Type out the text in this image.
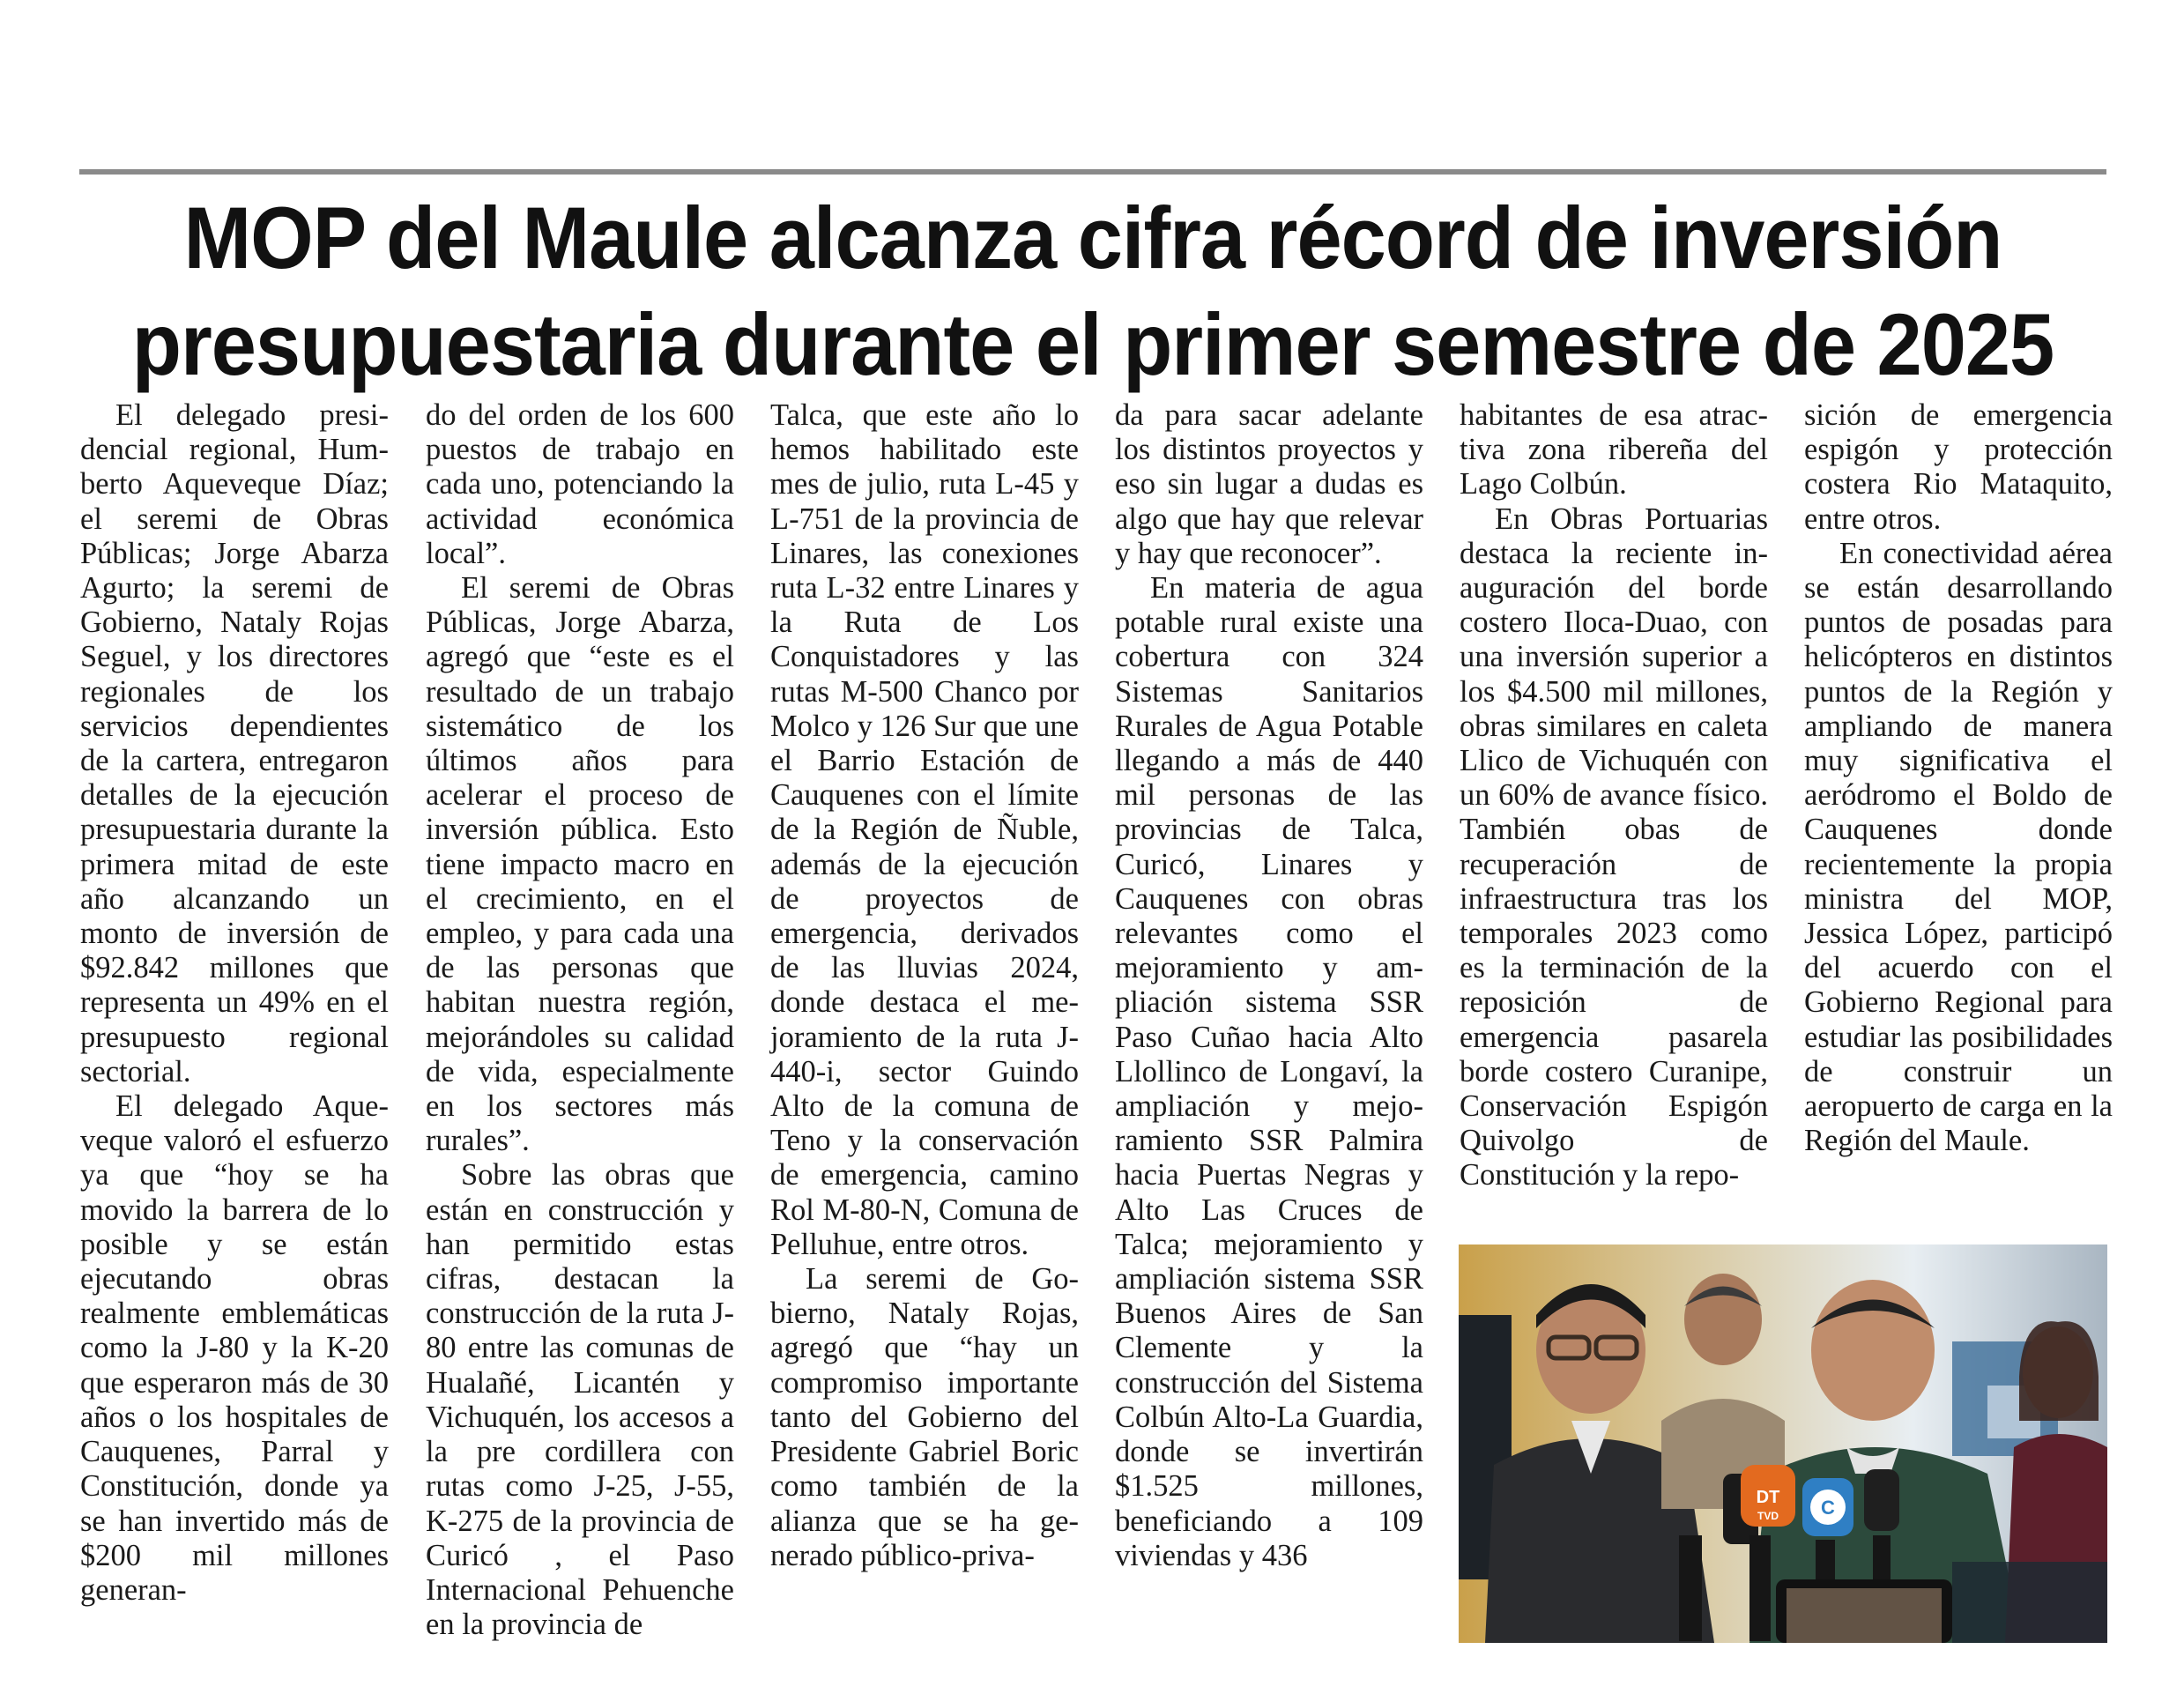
MOP del Maule alcanza cifra récord de inversión
presupuestaria durante el primer semestre de 2025

El delegado presidencial regional, Humberto Aqueveque Díaz; el seremi de Obras Públicas; Jorge Abarza Agurto; la seremi de Gobierno, Nataly Rojas Seguel, y los directores regionales de los servicios dependientes de la cartera, entregaron detalles de la ejecución presupuestaria durante la primera mitad de este año alcanzando un monto de inversión de $92.842 millones que representa un 49% en el presupuesto regional sectorial.

El delegado Aqueveque valoró el esfuerzo ya que “hoy se ha movido la barrera de lo posible y se están ejecutando obras realmente emblemáticas como la J-80 y la K-20 que esperaron más de 30 años o los hospitales de Cauquenes, Parral y Constitución, donde ya se han invertido más de $200 mil millones generan-

do del orden de los 600 puestos de trabajo en cada uno, potenciando la actividad económica local”.

El seremi de Obras Públicas, Jorge Abarza, agregó que “este es el resultado de un trabajo sistemático de los últimos años para acelerar el proceso de inversión pública. Esto tiene impacto macro en el crecimiento, en el empleo, y para cada una de las personas que habitan nuestra región, mejorándoles su calidad de vida, especialmente en los sectores más rurales”.

Sobre las obras que están en construcción y han permitido estas cifras, destacan la construcción de la ruta J-80 entre las comunas de Hualañé, Licantén y Vichuquén, los accesos a la pre cordillera con rutas como J-25, J-55, K-275 de la provincia de Curicó , el Paso Internacional Pehuenche en la provincia de

Talca, que este año lo hemos habilitado este mes de julio, ruta L-45 y L-751 de la provincia de Linares, las conexiones ruta L-32 entre Linares y la Ruta de Los Conquistadores y las rutas M-500 Chanco por Molco y 126 Sur que une el Barrio Estación de Cauquenes con el límite de la Región de Ñuble, además de la ejecución de proyectos de emergencia, derivados de las lluvias 2024, donde destaca el mejoramiento de la ruta J-440-i, sector Guindo Alto de la comuna de Teno y la conservación de emergencia, camino Rol M-80-N, Comuna de Pelluhue, entre otros.

La seremi de Gobierno, Nataly Rojas, agregó que “hay un compromiso importante tanto del Gobierno del Presidente Gabriel Boric como también de la alianza que se ha generado público-priva-

da para sacar adelante los distintos proyectos y eso sin lugar a dudas es algo que hay que relevar y hay que reconocer”.

En materia de agua potable rural existe una cobertura con 324 Sistemas Sanitarios Rurales de Agua Potable llegando a más de 440 mil personas de las provincias de Talca, Curicó, Linares y Cauquenes con obras relevantes como el mejoramiento y ampliación sistema SSR Paso Cuñao hacia Alto Llollinco de Longaví, la ampliación y mejoramiento SSR Palmira hacia Puertas Negras y Alto Las Cruces de Talca; mejoramiento y ampliación sistema SSR Buenos Aires de San Clemente y la construcción del Sistema Colbún Alto-La Guardia, donde se invertirán $1.525 millones, beneficiando a 109 viviendas y 436

habitantes de esa atractiva zona ribereña del Lago Colbún.

En Obras Portuarias destaca la reciente inauguración del borde costero Iloca-Duao, con una inversión superior a los $4.500 mil millones, obras similares en caleta Llico de Vichuquén con un 60% de avance físico. También obas de recuperación de infraestructura tras los temporales 2023 como es la terminación de la reposición de emergencia pasarela borde costero Curanipe, Conservación Espigón Quivolgo de Constitución y la repo-

sición de emergencia espigón y protección costera Rio Mataquito, entre otros.

En conectividad aérea se están desarrollando puntos de posadas para helicópteros en distintos puntos de la Región y ampliando de manera muy significativa el aeródromo el Boldo de Cauquenes donde recientemente la propia ministra del MOP, Jessica López, participó del acuerdo con el Gobierno Regional para estudiar las posibilidades de construir un aeropuerto de carga en la Región del Maule.

DT
TVD C
